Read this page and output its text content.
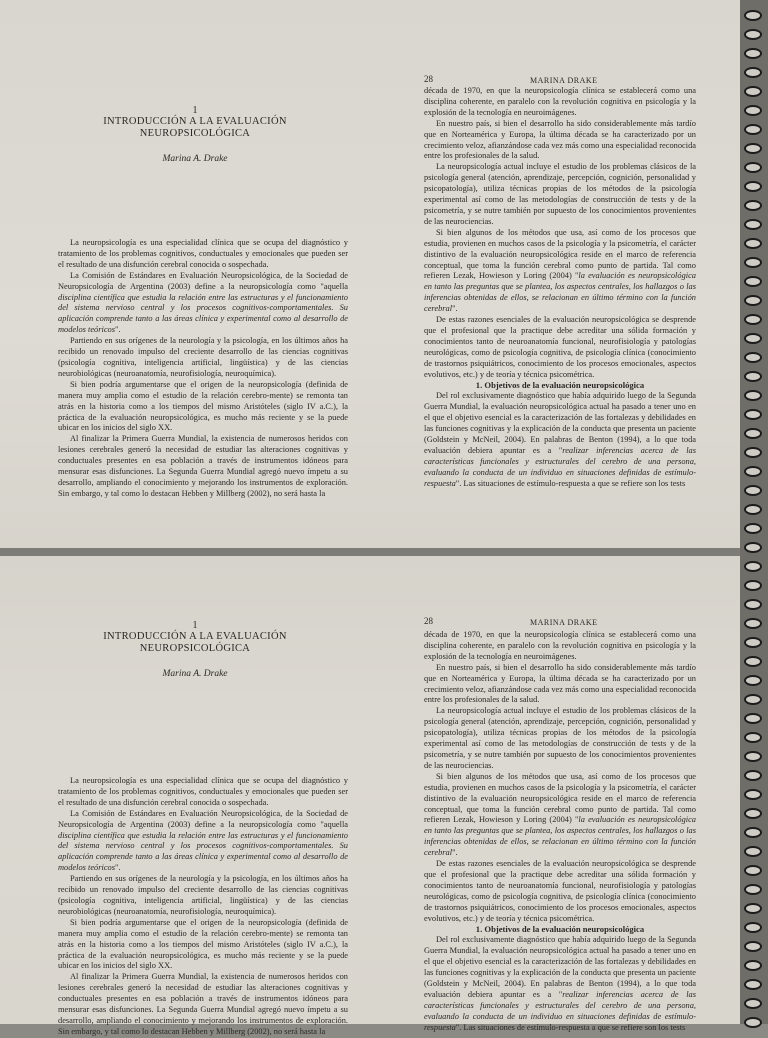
1
INTRODUCCIÓN A LA EVALUACIÓN
NEUROPSICOLÓGICA
Marina A. Drake

La neuropsicología es una especialidad clínica que se ocupa del diagnóstico y tratamiento de los problemas cognitivos, conductuales y emocionales que pueden ser el resultado de una disfunción cerebral conocida o sospechada.

La Comisión de Estándares en Evaluación Neuropsicológica, de la Sociedad de Neuropsicología de Argentina (2003) define a la neuropsicología como "aquella disciplina científica que estudia la relación entre las estructuras y el funcionamiento del sistema nervioso central y los procesos cognitivos-comportamentales. Su aplicación comprende tanto a las áreas clínica y experimental como al desarrollo de modelos teóricos".

Partiendo en sus orígenes de la neurología y la psicología, en los últimos años ha recibido un renovado impulso del creciente desarrollo de las ciencias cognitivas (psicología cognitiva, inteligencia artificial, lingüística) y de las ciencias neurobiológicas (neuroanatomía, neurofisiología, neuroquímica).

Si bien podría argumentarse que el origen de la neuropsicología (definida de manera muy amplia como el estudio de la relación cerebro-mente) se remonta tan atrás en la historia como a los tiempos del mismo Aristóteles (siglo IV a.C.), la práctica de la evaluación neuropsicológica, es mucho más reciente y se la puede ubicar en los inicios del siglo XX.

Al finalizar la Primera Guerra Mundial, la existencia de numerosos heridos con lesiones cerebrales generó la necesidad de estudiar las alteraciones cognitivas y conductuales presentes en esa población a través de instrumentos idóneos para mensurar esas disfunciones. La Segunda Guerra Mundial agregó nuevo ímpetu a su desarrollo, ampliando el conocimiento y mejorando los instrumentos de exploración. Sin embargo, y tal como lo destacan Hebben y Millberg (2002), no será hasta la

28	MARINA DRAKE

década de 1970, en que la neuropsicología clínica se establecerá como una disciplina coherente, en paralelo con la revolución cognitiva en psicología y la explosión de la tecnología en neuroimágenes.

En nuestro país, si bien el desarrollo ha sido considerablemente más tardío que en Norteamérica y Europa, la última década se ha caracterizado por un crecimiento veloz, afianzándose cada vez más como una especialidad reconocida entre los profesionales de la salud.

La neuropsicología actual incluye el estudio de los problemas clásicos de la psicología general (atención, aprendizaje, percepción, cognición, personalidad y psicopatología), utiliza técnicas propias de los métodos de la psicología experimental así como de las metodologías de construcción de tests y de la psicometría, y se nutre también por supuesto de los conocimientos provenientes de las neurociencias.

Si bien algunos de los métodos que usa, así como de los procesos que estudia, provienen en muchos casos de la psicología y la psicometría, el carácter distintivo de la evaluación neuropsicológica reside en el marco de referencia conceptual, que toma la función cerebral como punto de partida. Tal como refieren Lezak, Howieson y Loring (2004) "la evaluación es neuropsicológica en tanto las preguntas que se plantea, los aspectos centrales, los hallazgos o las inferencias obtenidas de ellos, se relacionan en último término con la función cerebral".

De estas razones esenciales de la evaluación neuropsicológica se desprende que el profesional que la practique debe acreditar una sólida formación y conocimientos tanto de neuroanatomía funcional, neurofisiología y patologías neurológicas, como de psicología cognitiva, de psicología clínica (conocimiento de trastornos psiquiátricos, conocimiento de los procesos emocionales, aspectos evolutivos, etc.) y de teoría y técnica psicométrica.

1. Objetivos de la evaluación neuropsicológica

Del rol exclusivamente diagnóstico que había adquirido luego de la Segunda Guerra Mundial, la evaluación neuropsicológica actual ha pasado a tener uno en el que el objetivo esencial es la caracterización de las fortalezas y debilidades en las funciones cognitivas y la explicación de la conducta que presenta un paciente (Goldstein y McNeil, 2004). En palabras de Benton (1994), a lo que toda evaluación debiera apuntar es a "realizar inferencias acerca de las características funcionales y estructurales del cerebro de una persona, evaluando la conducta de un individuo en situaciones definidas de estímulo-respuesta". Las situaciones de estímulo-respuesta a que se refiere son los tests

1
INTRODUCCIÓN A LA EVALUACIÓN
NEUROPSICOLÓGICA
Marina A. Drake

La neuropsicología es una especialidad clínica que se ocupa del diagnóstico y tratamiento de los problemas cognitivos, conductuales y emocionales que pueden ser el resultado de una disfunción cerebral conocida o sospechada.

La Comisión de Estándares en Evaluación Neuropsicológica, de la Sociedad de Neuropsicología de Argentina (2003) define a la neuropsicología como "aquella disciplina científica que estudia la relación entre las estructuras y el funcionamiento del sistema nervioso central y los procesos cognitivos-comportamentales. Su aplicación comprende tanto a las áreas clínica y experimental como al desarrollo de modelos teóricos".

Partiendo en sus orígenes de la neurología y la psicología, en los últimos años ha recibido un renovado impulso del creciente desarrollo de las ciencias cognitivas (psicología cognitiva, inteligencia artificial, lingüística) y de las ciencias neurobiológicas (neuroanatomía, neurofisiología, neuroquímica).

Si bien podría argumentarse que el origen de la neuropsicología (definida de manera muy amplia como el estudio de la relación cerebro-mente) se remonta tan atrás en la historia como a los tiempos del mismo Aristóteles (siglo IV a.C.), la práctica de la evaluación neuropsicológica, es mucho más reciente y se la puede ubicar en los inicios del siglo XX.

Al finalizar la Primera Guerra Mundial, la existencia de numerosos heridos con lesiones cerebrales generó la necesidad de estudiar las alteraciones cognitivas y conductuales presentes en esa población a través de instrumentos idóneos para mensurar esas disfunciones. La Segunda Guerra Mundial agregó nuevo ímpetu a su desarrollo, ampliando el conocimiento y mejorando los instrumentos de exploración. Sin embargo, y tal como lo destacan Hebben y Millberg (2002), no será hasta la

28	MARINA DRAKE

década de 1970, en que la neuropsicología clínica se establecerá como una disciplina coherente, en paralelo con la revolución cognitiva en psicología y la explosión de la tecnología en neuroimágenes.

En nuestro país, si bien el desarrollo ha sido considerablemente más tardío que en Norteamérica y Europa, la última década se ha caracterizado por un crecimiento veloz, afianzándose cada vez más como una especialidad reconocida entre los profesionales de la salud.

La neuropsicología actual incluye el estudio de los problemas clásicos de la psicología general (atención, aprendizaje, percepción, cognición, personalidad y psicopatología), utiliza técnicas propias de los métodos de la psicología experimental así como de las metodologías de construcción de tests y de la psicometría, y se nutre también por supuesto de los conocimientos provenientes de las neurociencias.

Si bien algunos de los métodos que usa, así como de los procesos que estudia, provienen en muchos casos de la psicología y la psicometría, el carácter distintivo de la evaluación neuropsicológica reside en el marco de referencia conceptual, que toma la función cerebral como punto de partida. Tal como refieren Lezak, Howieson y Loring (2004) "la evaluación es neuropsicológica en tanto las preguntas que se plantea, los aspectos centrales, los hallazgos o las inferencias obtenidas de ellos, se relacionan en último término con la función cerebral".

De estas razones esenciales de la evaluación neuropsicológica se desprende que el profesional que la practique debe acreditar una sólida formación y conocimientos tanto de neuroanatomía funcional, neurofisiología y patologías neurológicas, como de psicología cognitiva, de psicología clínica (conocimiento de trastornos psiquiátricos, conocimiento de los procesos emocionales, aspectos evolutivos, etc.) y de teoría y técnica psicométrica.

1. Objetivos de la evaluación neuropsicológica

Del rol exclusivamente diagnóstico que había adquirido luego de la Segunda Guerra Mundial, la evaluación neuropsicológica actual ha pasado a tener uno en el que el objetivo esencial es la caracterización de las fortalezas y debilidades en las funciones cognitivas y la explicación de la conducta que presenta un paciente (Goldstein y McNeil, 2004). En palabras de Benton (1994), a lo que toda evaluación debiera apuntar es a "realizar inferencias acerca de las características funcionales y estructurales del cerebro de una persona, evaluando la conducta de un individuo en situaciones definidas de estímulo-respuesta". Las situaciones de estímulo-respuesta a que se refiere son los tests
